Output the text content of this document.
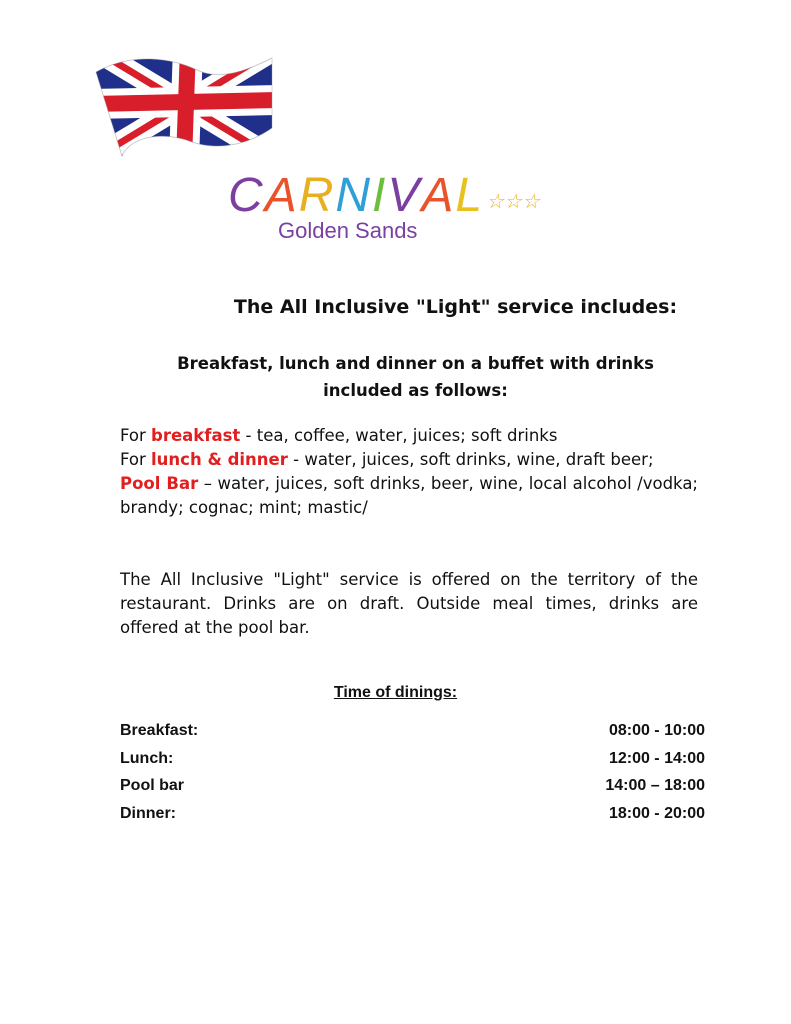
CARNIVAL ☆☆☆
Golden Sands
The All Inclusive "Light" service includes:
Breakfast, lunch and dinner on a buffet with drinks
included as follows:
For breakfast - tea, coffee, water, juices; soft drinks
For lunch & dinner - water, juices, soft drinks, wine, draft beer;
Pool Bar – water, juices, soft drinks, beer, wine, local alcohol /vodka; brandy; cognac; mint; mastic/
The All Inclusive "Light" service is offered on the territory of the restaurant. Drinks are on draft. Outside meal times, drinks are offered at the pool bar.
Time of dinings:
Breakfast:	08:00 - 10:00
Lunch:	12:00 - 14:00
Pool bar	14:00 – 18:00
Dinner:	18:00 - 20:00
